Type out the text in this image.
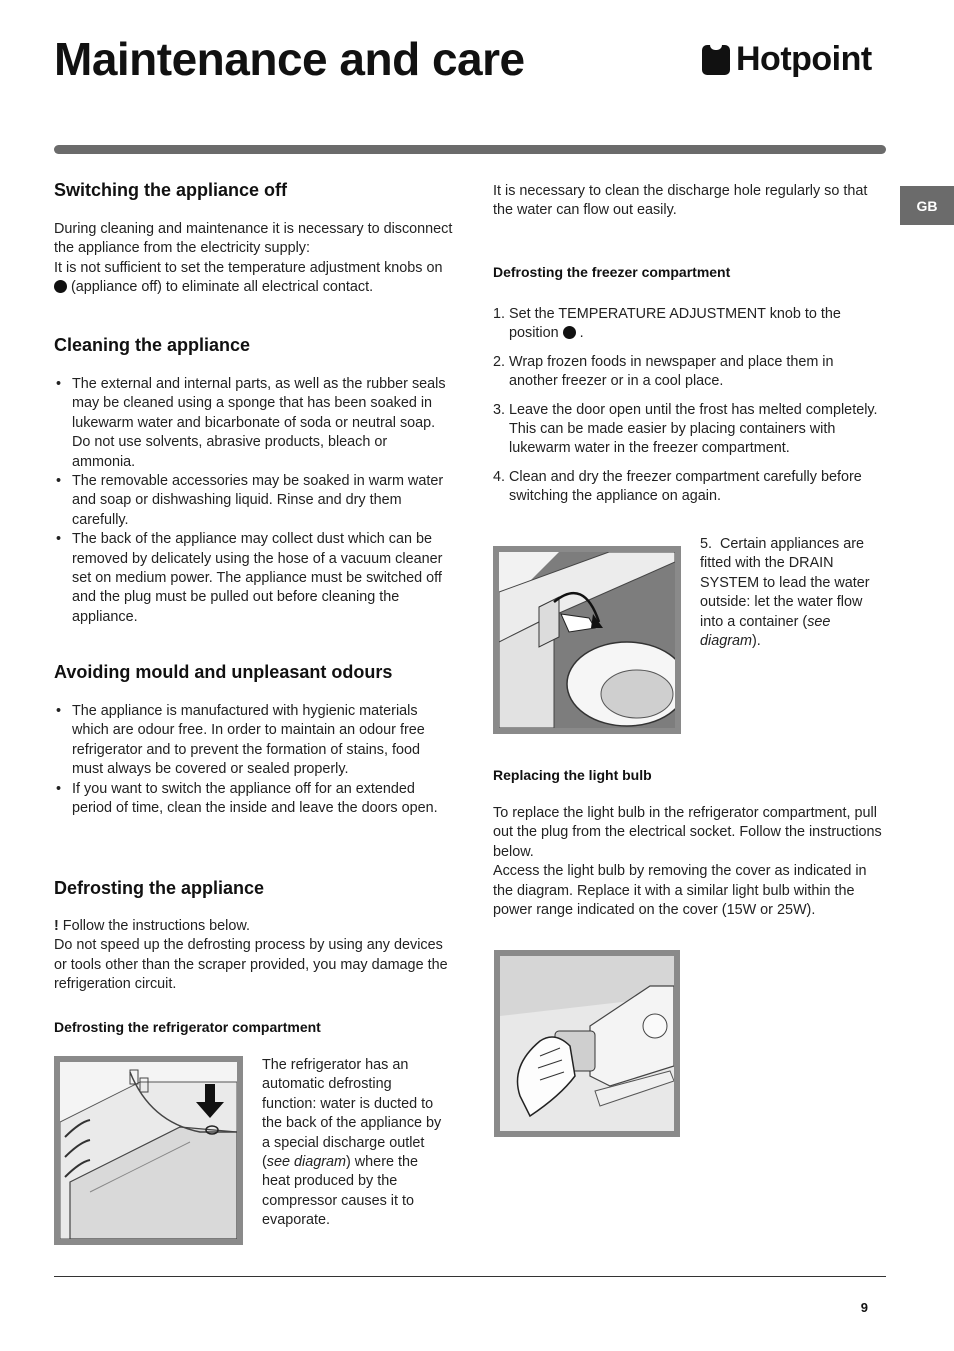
Maintenance and care	Hotpoint
GB
Switching the appliance off

During cleaning and maintenance it is necessary to disconnect the appliance from the electricity supply:

It is not sufficient to set the temperature adjustment knobs on  (appliance off) to eliminate all electrical contact.

Cleaning the appliance
• The external and internal parts, as well as the rubber seals may be cleaned using a sponge that has been soaked in lukewarm water and bicarbonate of soda or neutral soap. Do not use solvents, abrasive products, bleach or ammonia.
• The removable accessories may be soaked in warm water and soap or dishwashing liquid. Rinse and dry them carefully.
• The back of the appliance may collect dust which can be removed by delicately using the hose of a vacuum cleaner set on medium power. The appliance must be switched off and the plug must be pulled out before cleaning the appliance.
Avoiding mould and unpleasant odours
• The appliance is manufactured with hygienic materials which are odour free. In order to maintain an odour free refrigerator and to prevent the formation of stains, food must always be covered or sealed properly.
• If you want to switch the appliance off for an extended period of time, clean the inside and leave the doors open.
Defrosting the appliance

! Follow the instructions below.

Do not speed up the defrosting process by using any devices or tools other than the scraper provided, you may damage the refrigeration circuit.

Defrosting the refrigerator compartment

The refrigerator has an automatic defrosting function: water is ducted to the back of the appliance by a special discharge outlet (see diagram) where the heat produced by the compressor causes it to evaporate.

It is necessary to clean the discharge hole regularly so that the water can flow out easily.

Defrosting the freezer compartment
1. Set the TEMPERATURE ADJUSTMENT knob to the position  .
2. Wrap frozen foods in newspaper and place them in another freezer or in a cool place.
3. Leave the door open until the frost has melted completely. This can be made easier by placing containers with lukewarm water in the freezer compartment.
4. Clean and dry the freezer compartment carefully before switching the appliance on again.

5. Certain appliances are fitted with the DRAIN SYSTEM to lead the water outside: let the water flow into a container (see diagram).

Replacing the light bulb

To replace the light bulb in the refrigerator compartment, pull out the plug from the electrical socket. Follow the instructions below.

Access the light bulb by removing the cover as indicated in the diagram. Replace it with a similar light bulb within the power range indicated on the cover (15W or 25W).

9
